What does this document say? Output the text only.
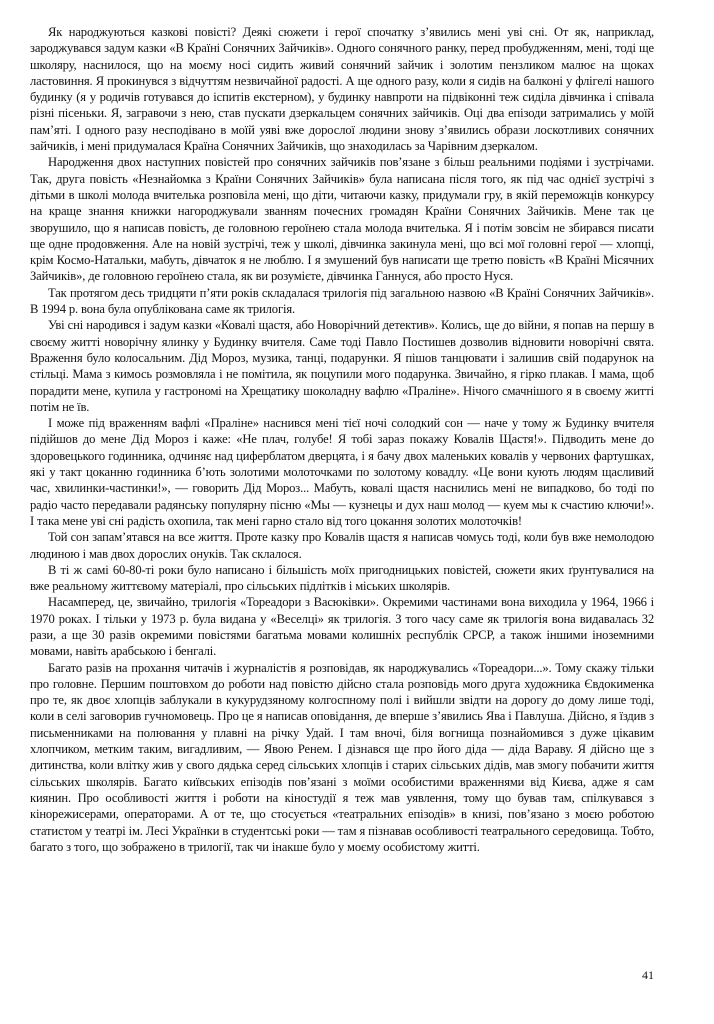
Як народжуються казкові повісті? Деякі сюжети і герої спочатку з’явились мені уві сні. От як, наприклад, зароджувався задум казки «В Країні Сонячних Зайчиків». Одного сонячного ранку, перед пробудженням, мені, тоді ще школяру, наснилося, що на моєму носі сидить живий сонячний зайчик і золотим пензликом малює на щоках ластовиння. Я прокинувся з відчуттям незвичайної радості. А ще одного разу, коли я сидів на балконі у флігелі нашого будинку (я у родичів готувався до іспитів екстерном), у будинку навпроти на підвіконні теж сиділа дівчинка і співала різні пісеньки. Я, загравочи з нею, став пускати дзеркальцем сонячних зайчиків. Оці два епізоди затримались у моїй пам’яті. І одного разу несподівано в моїй уяві вже дорослої людини знову з’явились образи лоскотливих сонячних зайчиків, і мені придумалася Країна Сонячних Зайчиків, що знаходилась за Чарівним дзеркалом.

Народження двох наступних повістей про сонячних зайчиків пов’язане з більш реальними подіями і зустрічами. Так, друга повість «Незнайомка з Країни Сонячних Зайчиків» була написана після того, як під час однієї зустрічі з дітьми в школі молода вчителька розповіла мені, що діти, читаючи казку, придумали гру, в якій переможців конкурсу на краще знання книжки нагороджували званням почесних громадян Країни Сонячних Зайчиків. Мене так це зворушило, що я написав повість, де головною героїнею стала молода вчителька. Я і потім зовсім не збирався писати ще одне продовження. Але на новій зустрічі, теж у школі, дівчинка закинула мені, що всі мої головні герої — хлопці, крім Космо-Натальки, мабуть, дівчаток я не люблю. І я змушений був написати ще третю повість «В Країні Місячних Зайчиків», де головною героїнею стала, як ви розумієте, дівчинка Ганнуся, або просто Нуся.

Так протягом десь тридцяти п’яти років складалася трилогія під загальною назвою «В Країні Сонячних Зайчиків». В 1994 р. вона була опублікована саме як трилогія.

Уві сні народився і задум казки «Ковалі щастя, або Новорічний детектив». Колись, ще до війни, я попав на першу в своєму житті новорічну ялинку у Будинку вчителя. Саме тоді Павло Постишев дозволив відновити новорічні свята. Враження було колосальним. Дід Мороз, музика, танці, подарунки. Я пішов танцювати і залишив свій подарунок на стільці. Мама з кимось розмовляла і не помітила, як поцупили мого подарунка. Звичайно, я гірко плакав. І мама, щоб порадити мене, купила у гастрономі на Хрещатику шоколадну вафлю «Праліне». Нічого смачнішого я в своєму житті потім не їв.

І може під враженням вафлі «Праліне» наснився мені тієї ночі солодкий сон — наче у тому ж Будинку вчителя підійшов до мене Дід Мороз і каже: «Не плач, голубе! Я тобі зараз покажу Ковалів Щастя!». Підводить мене до здоровецького годинника, одчиняє над циферблатом дверцята, і я бачу двох маленьких ковалів у червоних фартушках, які у такт цоканню годинника б’ють золотими молоточками по золотому ковадлу. «Це вони кують людям щасливий час, хвилинки-частинки!», — говорить Дід Мороз... Мабуть, ковалі щастя наснились мені не випадково, бо тоді по радіо часто передавали радянську популярну пісню «Мы — кузнецы и дух наш молод — куем мы к счастию ключи!». І така мене уві сні радість охопила, так мені гарно стало від того цокання золотих молоточків!

Той сон запам’ятався на все життя. Проте казку про Ковалів щастя я написав чомусь тоді, коли був вже немолодою людиною і мав двох дорослих онуків. Так склалося.

В ті ж самі 60-80-ті роки було написано і більшість моїх пригодницьких повістей, сюжети яких ґрунтувалися на вже реальному життєвому матеріалі, про сільських підлітків і міських школярів.

Насамперед, це, звичайно, трилогія «Тореадори з Васюківки». Окремими частинами вона виходила у 1964, 1966 і 1970 роках. І тільки у 1973 р. була видана у «Веселці» як трилогія. З того часу саме як трилогія вона видавалась 32 рази, а ще 30 разів окремими повістями багатьма мовами колишніх республік СРСР, а також іншими іноземними мовами, навіть арабською і бенгалі.

Багато разів на прохання читачів і журналістів я розповідав, як народжувались «Тореадори...». Тому скажу тільки про головне. Першим поштовхом до роботи над повістю дійсно стала розповідь мого друга художника Євдокименка про те, як двоє хлопців заблукали в кукурудзяному колгоспному полі і вийшли звідти на дорогу до дому лише тоді, коли в селі заговорив гучномовець. Про це я написав оповідання, де вперше з’явились Ява і Павлуша. Дійсно, я їздив з письменниками на полювання у плавні на річку Удай. І там вночі, біля вогнища познайомився з дуже цікавим хлопчиком, метким таким, вигадливим, — Явою Ренем. І дізнався ще про його діда — діда Вараву. Я дійсно ще з дитинства, коли влітку жив у свого дядька серед сільських хлопців і старих сільських дідів, мав змогу побачити життя сільських школярів. Багато київських епізодів пов’язані з моїми особистими враженнями від Києва, адже я сам киянин. Про особливості життя і роботи на кіностудії я теж мав уявлення, тому що бував там, спілкувався з кінорежисерами, операторами. А от те, що стосується «театральних епізодів» в книзі, пов’язано з моєю роботою статистом у театрі ім. Лесі Українки в студентські роки — там я пізнавав особливості театрального середовища. Тобто, багато з того, що зображено в трилогії, так чи інакше було у моєму особистому житті.

41
